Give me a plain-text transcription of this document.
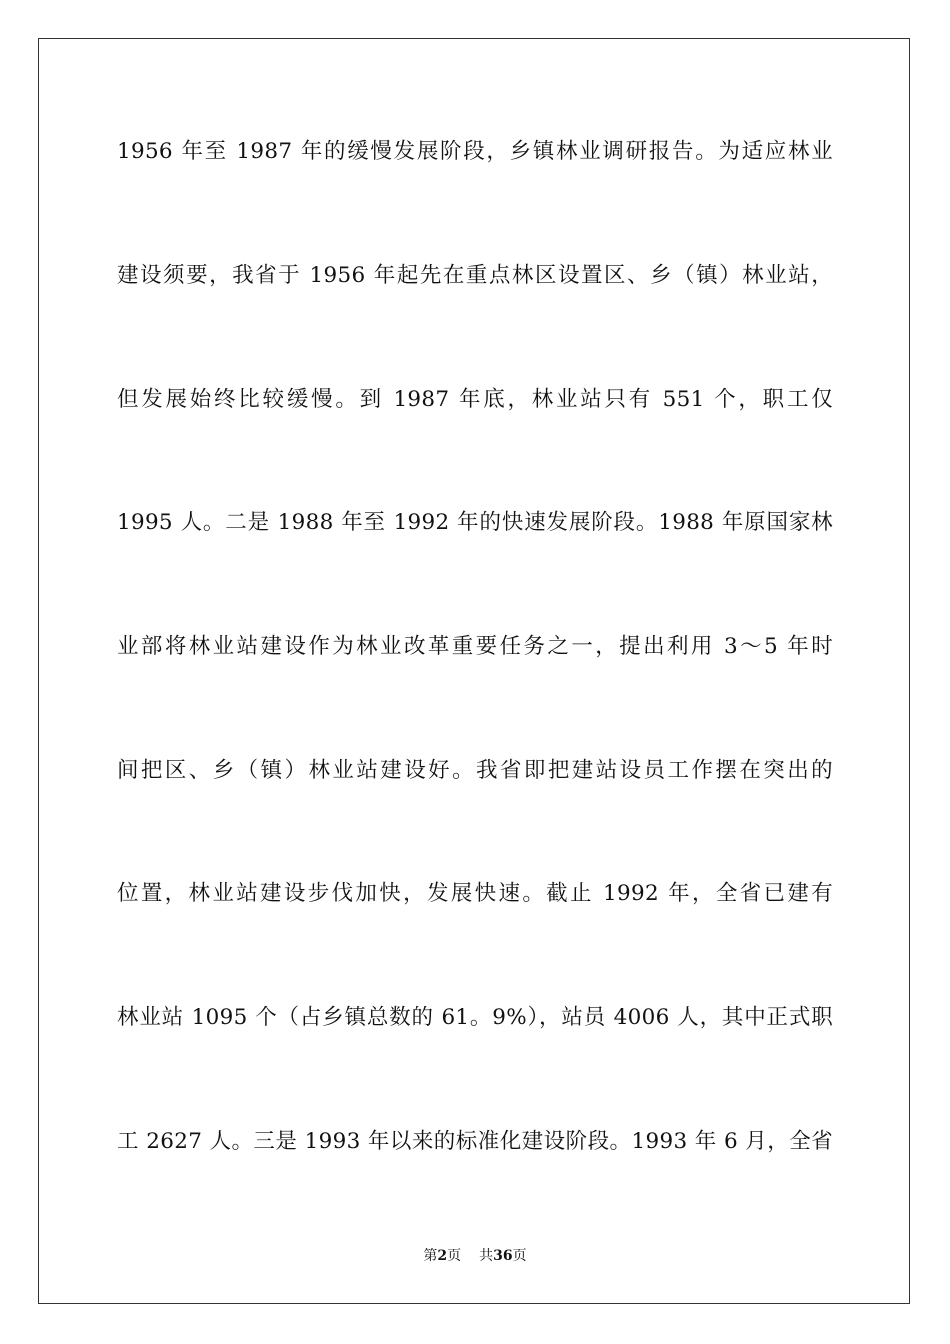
1956 年至 1987 年的缓慢发展阶段，乡镇林业调研报告。为适应林业
建设须要，我省于 1956 年起先在重点林区设置区、乡（镇）林业站，
但发展始终比较缓慢。到 1987 年底，林业站只有 551 个，职工仅
1995 人。二是 1988 年至 1992 年的快速发展阶段。1988 年原国家林
业部将林业站建设作为林业改革重要任务之一，提出利用 3～5 年时
间把区、乡（镇）林业站建设好。我省即把建站设员工作摆在突出的
位置，林业站建设步伐加快，发展快速。截止 1992 年，全省已建有
林业站 1095 个（占乡镇总数的 61。9%），站员 4006 人，其中正式职
工 2627 人。三是 1993 年以来的标准化建设阶段。1993 年 6 月，全省
第2页 共36页
